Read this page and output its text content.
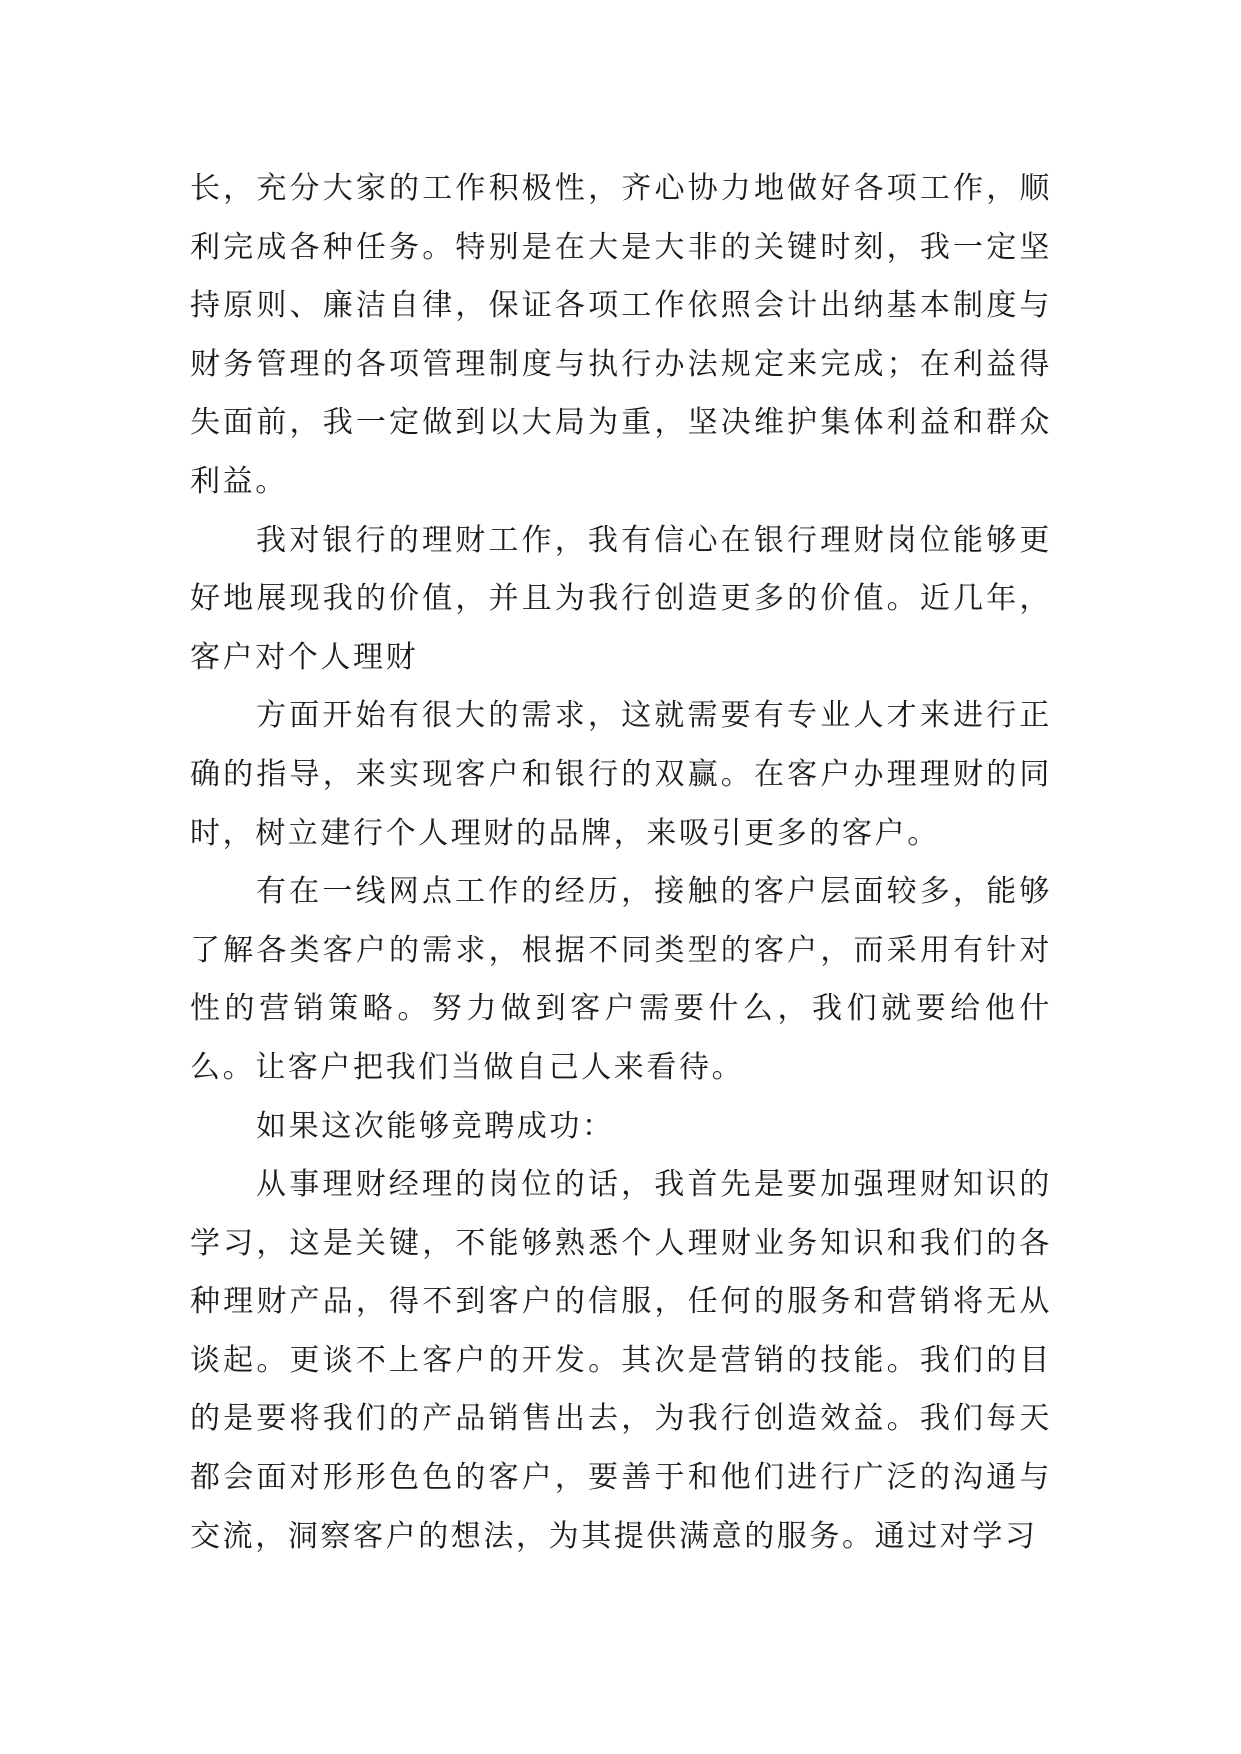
长，充分大家的工作积极性，齐心协力地做好各项工作，顺利完成各种任务。特别是在大是大非的关键时刻，我一定坚持原则、廉洁自律，保证各项工作依照会计出纳基本制度与财务管理的各项管理制度与执行办法规定来完成；在利益得失面前，我一定做到以大局为重，坚决维护集体利益和群众利益。

我对银行的理财工作，我有信心在银行理财岗位能够更好地展现我的价值，并且为我行创造更多的价值。近几年，客户对个人理财

方面开始有很大的需求，这就需要有专业人才来进行正确的指导，来实现客户和银行的双赢。在客户办理理财的同时，树立建行个人理财的品牌，来吸引更多的客户。

有在一线网点工作的经历，接触的客户层面较多，能够了解各类客户的需求，根据不同类型的客户，而采用有针对性的营销策略。努力做到客户需要什么，我们就要给他什么。让客户把我们当做自己人来看待。

如果这次能够竞聘成功：

从事理财经理的岗位的话，我首先是要加强理财知识的学习，这是关键，不能够熟悉个人理财业务知识和我们的各种理财产品，得不到客户的信服，任何的服务和营销将无从谈起。更谈不上客户的开发。其次是营销的技能。我们的目的是要将我们的产品销售出去，为我行创造效益。我们每天都会面对形形色色的客户，要善于和他们进行广泛的沟通与交流，洞察客户的想法，为其提供满意的服务。通过对学习
